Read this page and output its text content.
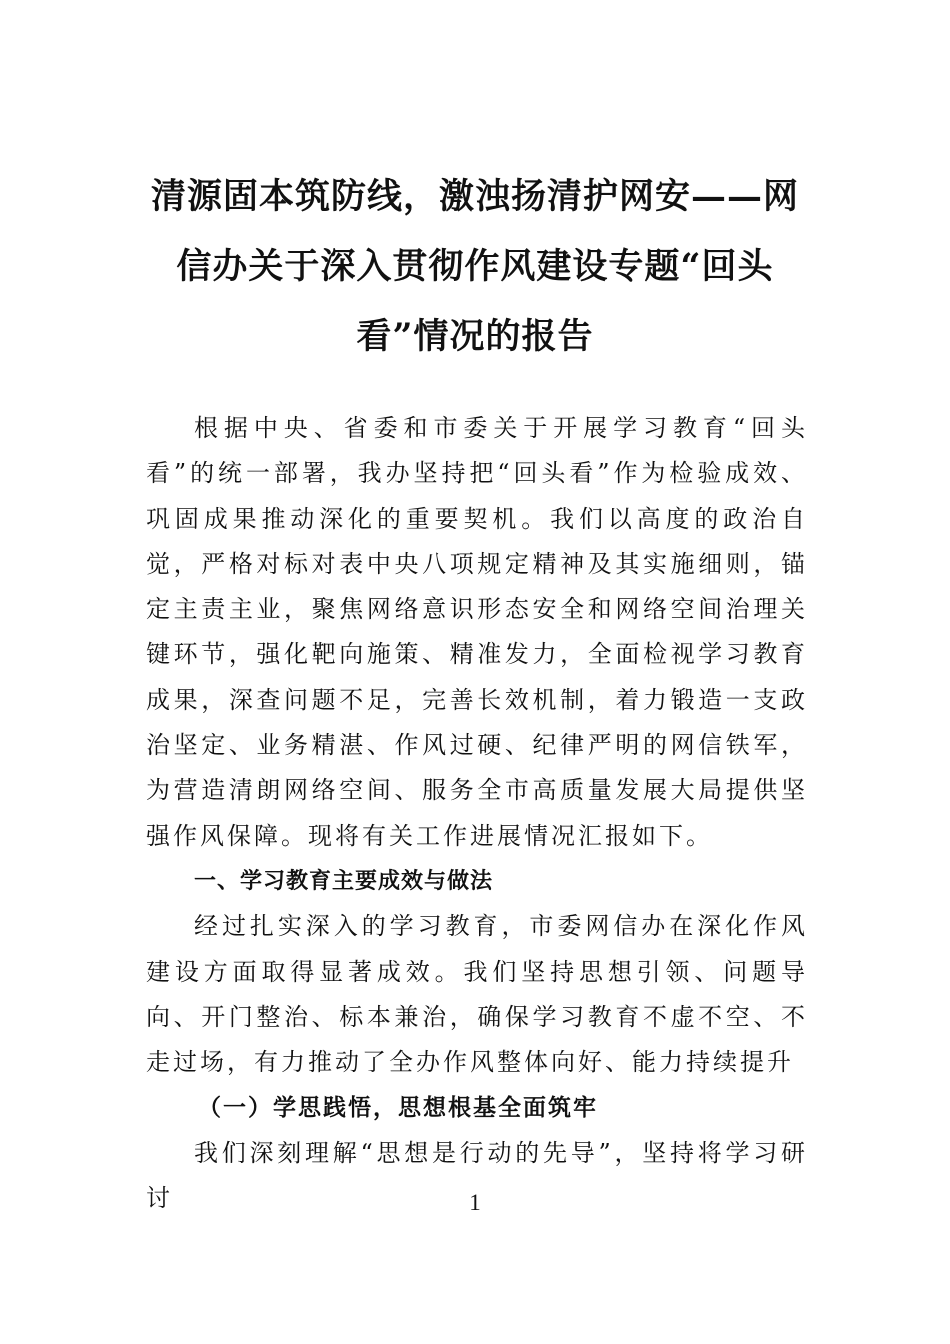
清源固本筑防线，激浊扬清护网安——网信办关于深入贯彻作风建设专题“回头看”情况的报告

根据中央、省委和市委关于开展学习教育“回头看”的统一部署，我办坚持把“回头看”作为检验成效、巩固成果推动深化的重要契机。我们以高度的政治自觉，严格对标对表中央八项规定精神及其实施细则，锚定主责主业，聚焦网络意识形态安全和网络空间治理关键环节，强化靶向施策、精准发力，全面检视学习教育成果，深查问题不足，完善长效机制，着力锻造一支政治坚定、业务精湛、作风过硬、纪律严明的网信铁军，为营造清朗网络空间、服务全市高质量发展大局提供坚强作风保障。现将有关工作进展情况汇报如下。

一、学习教育主要成效与做法

经过扎实深入的学习教育，市委网信办在深化作风建设方面取得显著成效。我们坚持思想引领、问题导向、开门整治、标本兼治，确保学习教育不虚不空、不走过场，有力推动了全办作风整体向好、能力持续提升

（一）学思践悟，思想根基全面筑牢

我们深刻理解“思想是行动的先导”，坚持将学习研讨	1
